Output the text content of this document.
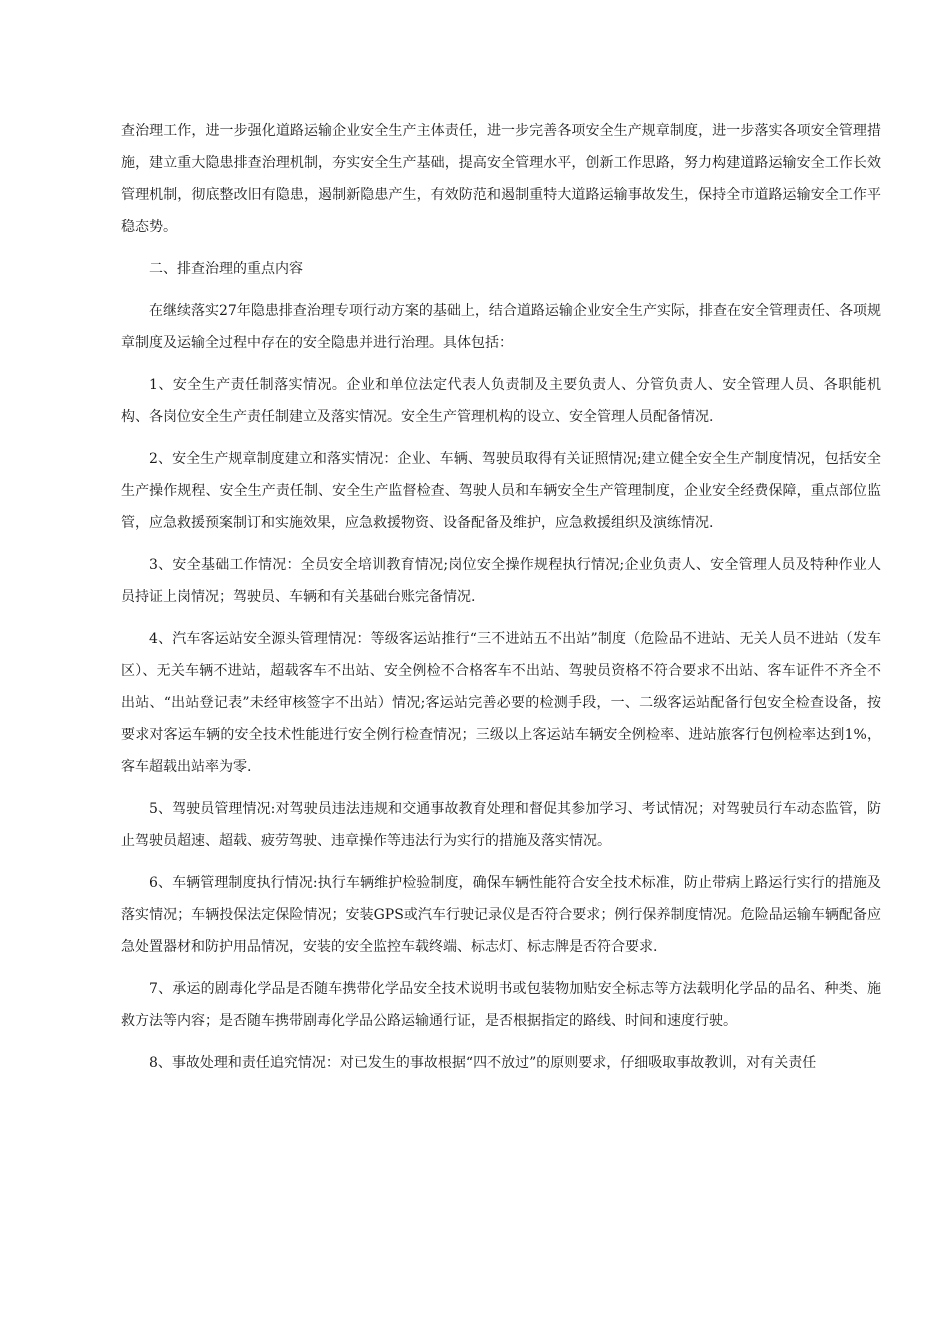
查治理工作，进一步强化道路运输企业安全生产主体责任，进一步完善各项安全生产规章制度，进一步落实各项安全管理措施，建立重大隐患排查治理机制，夯实安全生产基础，提高安全管理水平，创新工作思路，努力构建道路运输安全工作长效管理机制，彻底整改旧有隐患，遏制新隐患产生，有效防范和遏制重特大道路运输事故发生，保持全市道路运输安全工作平稳态势。

二、排查治理的重点内容

在继续落实27年隐患排查治理专项行动方案的基础上，结合道路运输企业安全生产实际，排查在安全管理责任、各项规章制度及运输全过程中存在的安全隐患并进行治理。具体包括：

1、安全生产责任制落实情况。企业和单位法定代表人负责制及主要负责人、分管负责人、安全管理人员、各职能机构、各岗位安全生产责任制建立及落实情况。安全生产管理机构的设立、安全管理人员配备情况.

2、安全生产规章制度建立和落实情况：企业、车辆、驾驶员取得有关证照情况;建立健全安全生产制度情况，包括安全生产操作规程、安全生产责任制、安全生产监督检查、驾驶人员和车辆安全生产管理制度，企业安全经费保障，重点部位监管，应急救援预案制订和实施效果，应急救援物资、设备配备及维护，应急救援组织及演练情况.

3、安全基础工作情况：全员安全培训教育情况;岗位安全操作规程执行情况;企业负责人、安全管理人员及特种作业人员持证上岗情况；驾驶员、车辆和有关基础台账完备情况.

4、汽车客运站安全源头管理情况：等级客运站推行“三不进站五不出站”制度（危险品不进站、无关人员不进站（发车区）、无关车辆不进站，超载客车不出站、安全例检不合格客车不出站、驾驶员资格不符合要求不出站、客车证件不齐全不出站、“出站登记表”未经审核签字不出站）情况;客运站完善必要的检测手段，一、二级客运站配备行包安全检查设备，按要求对客运车辆的安全技术性能进行安全例行检查情况；三级以上客运站车辆安全例检率、进站旅客行包例检率达到1%，客车超载出站率为零.

5、驾驶员管理情况:对驾驶员违法违规和交通事故教育处理和督促其参加学习、考试情况；对驾驶员行车动态监管，防止驾驶员超速、超载、疲劳驾驶、违章操作等违法行为实行的措施及落实情况。

6、车辆管理制度执行情况:执行车辆维护检验制度，确保车辆性能符合安全技术标准，防止带病上路运行实行的措施及落实情况；车辆投保法定保险情况；安装GPS或汽车行驶记录仪是否符合要求；例行保养制度情况。危险品运输车辆配备应急处置器材和防护用品情况，安装的安全监控车载终端、标志灯、标志牌是否符合要求.

7、承运的剧毒化学品是否随车携带化学品安全技术说明书或包装物加贴安全标志等方法载明化学品的品名、种类、施救方法等内容；是否随车携带剧毒化学品公路运输通行证，是否根据指定的路线、时间和速度行驶。

8、事故处理和责任追究情况：对已发生的事故根据“四不放过”的原则要求，仔细吸取事故教训，对有关责任
